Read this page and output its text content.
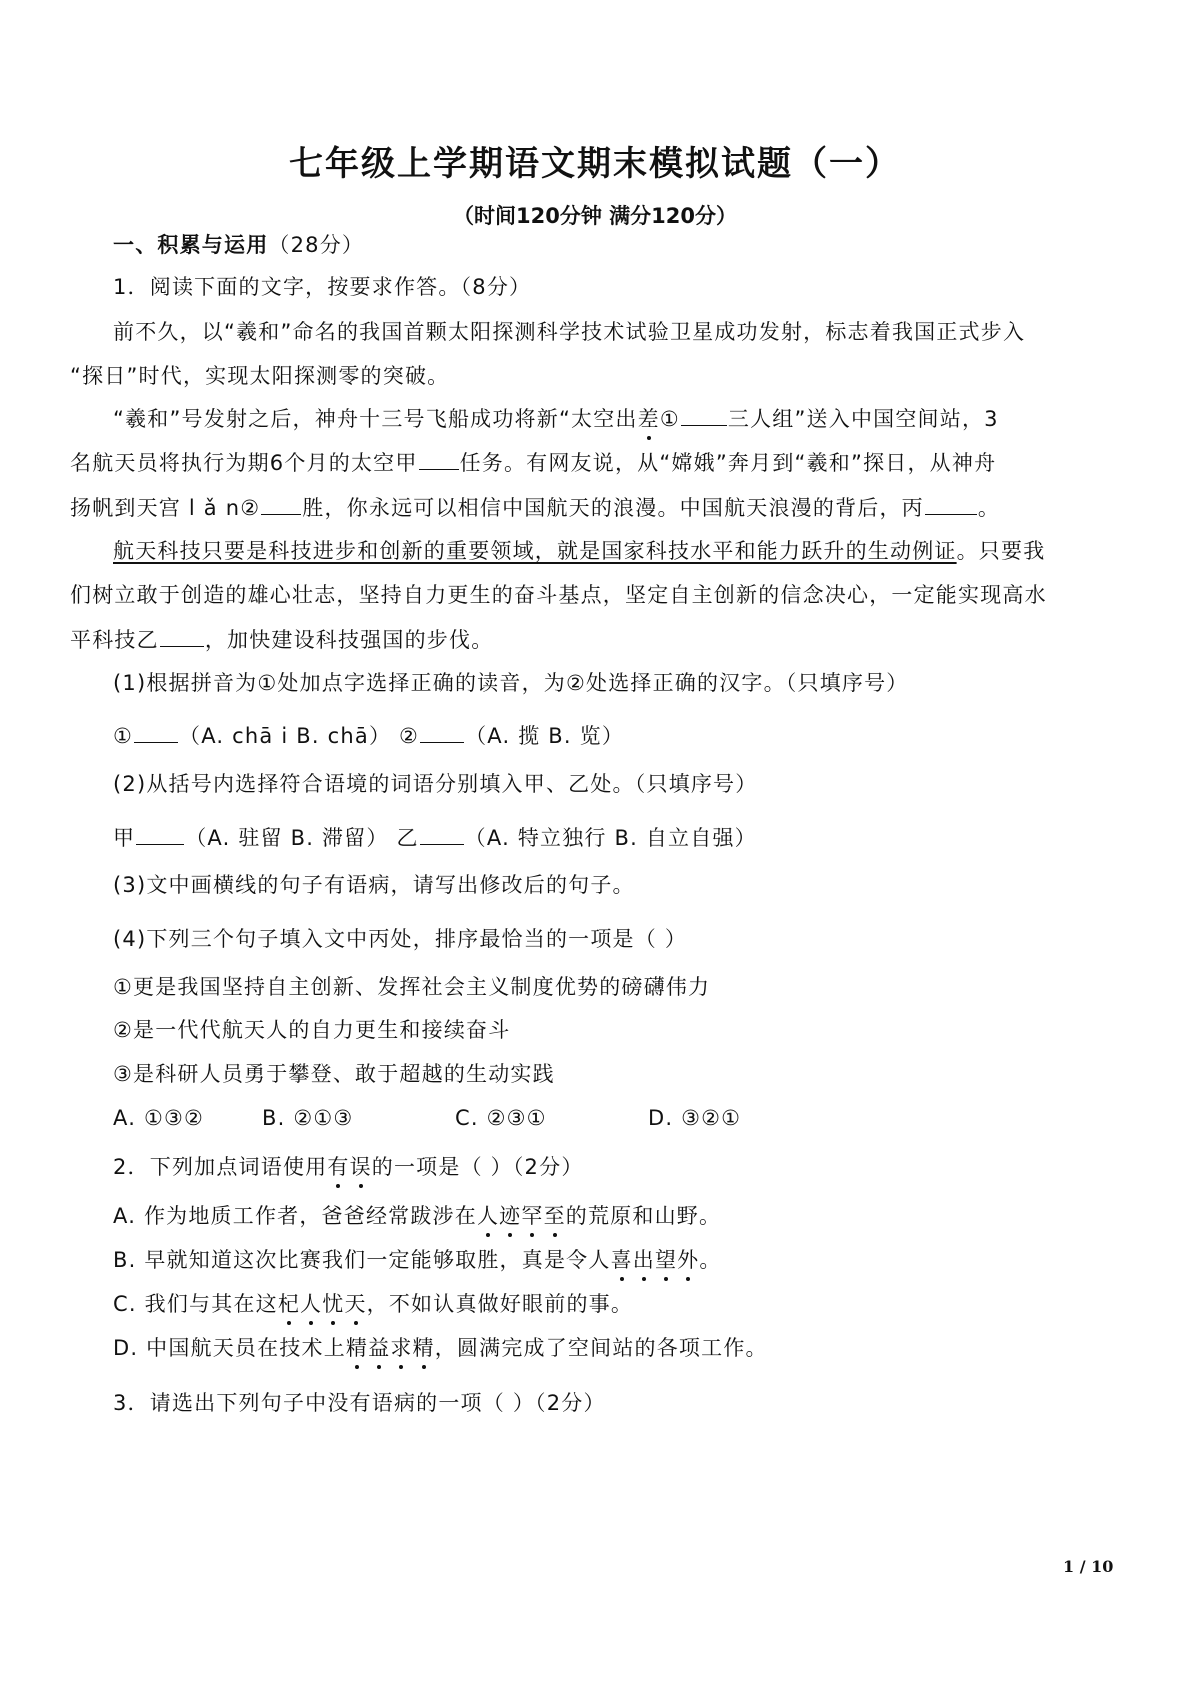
七年级上学期语文期末模拟试题（一）
（时间120分钟 满分120分）
一、积累与运用（28分）
1．阅读下面的文字，按要求作答。（8分）
前不久，以“羲和”命名的我国首颗太阳探测科学技术试验卫星成功发射，标志着我国正式步入
“探日”时代，实现太阳探测零的突破。
“羲和”号发射之后，神舟十三号飞船成功将新“太空出差① 三人组”送入中国空间站，3
名航天员将执行为期6个月的太空甲 任务。有网友说，从“嫦娥”奔月到“羲和”探日，从神舟
扬帆到天宫 l ǎ n② 胜，你永远可以相信中国航天的浪漫。中国航天浪漫的背后，丙	。
航天科技只要是科技进步和创新的重要领域，就是国家科技水平和能力跃升的生动例证。只要我
们树立敢于创造的雄心壮志，坚持自力更生的奋斗基点，坚定自主创新的信念决心，一定能实现高水
平科技乙 ，加快建设科技强国的步伐。
(1)根据拼音为①处加点字选择正确的读音，为②处选择正确的汉字。（只填序号）
① （A. chā i B. chā） ② （A. 揽 B. 览）
(2)从括号内选择符合语境的词语分别填入甲、乙处。（只填序号）
甲 （A. 驻留 B. 滞留） 乙 （A. 特立独行 B. 自立自强）
(3)文中画横线的句子有语病，请写出修改后的句子。
(4)下列三个句子填入文中丙处，排序最恰当的一项是（ ）
①更是我国坚持自主创新、发挥社会主义制度优势的磅礴伟力
②是一代代航天人的自力更生和接续奋斗
③是科研人员勇于攀登、敢于超越的生动实践
A. ①③②	B. ②①③	C. ②③①	D. ③②①
2．下列加点词语使用有误的一项是（ ）（2分）
A. 作为地质工作者，爸爸经常跋涉在人迹罕至的荒原和山野。
B. 早就知道这次比赛我们一定能够取胜，真是令人喜出望外。
C. 我们与其在这杞人忧天，不如认真做好眼前的事。
D. 中国航天员在技术上精益求精，圆满完成了空间站的各项工作。
3．请选出下列句子中没有语病的一项（ ）（2分）
1 / 10
